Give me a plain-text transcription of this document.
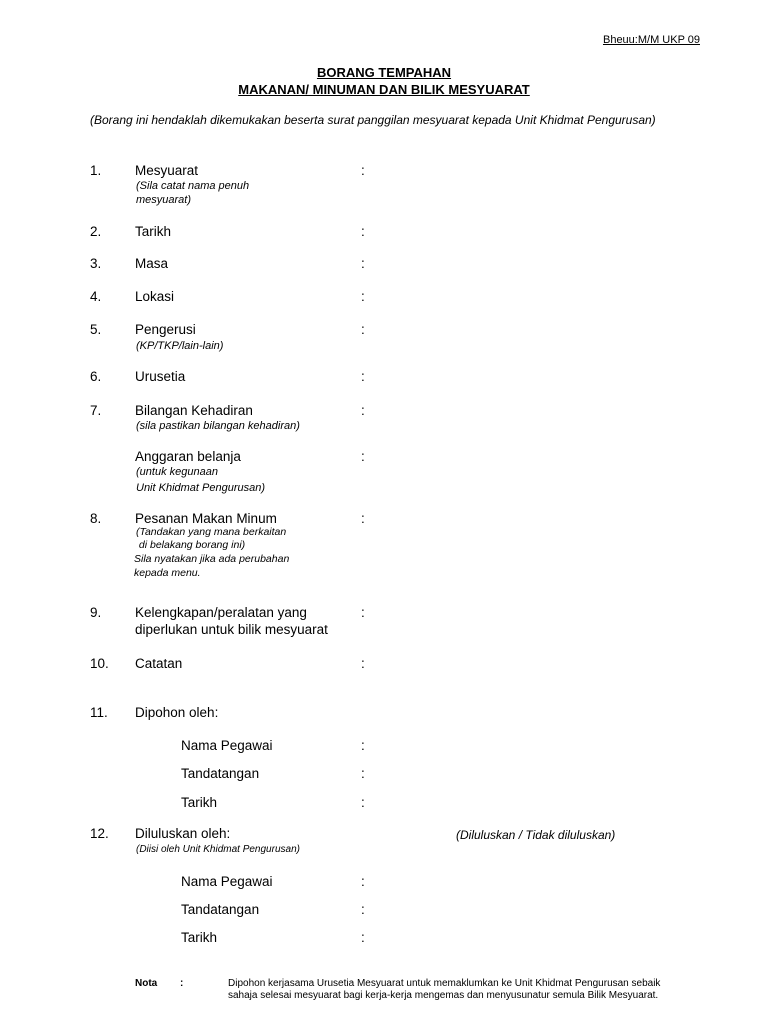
Bheuu:M/M UKP 09
BORANG TEMPAHAN
MAKANAN/ MINUMAN DAN BILIK MESYUARAT
(Borang ini hendaklah dikemukakan beserta surat panggilan mesyuarat kepada Unit Khidmat Pengurusan)
1. Mesyuarat
(Sila catat nama penuh
mesyuarat)
:
2. Tarikh	:
3. Masa	:
4. Lokasi	:
5. Pengerusi
(KP/TKP/lain-lain)
:
6. Urusetia	:
7. Bilangan Kehadiran
(sila pastikan bilangan kehadiran)
:
Anggaran belanja
(untuk kegunaan
Unit Khidmat Pengurusan)
:
8. Pesanan Makan Minum
(Tandakan yang mana berkaitan
di belakang borang ini)
Sila nyatakan jika ada perubahan
kepada menu.
:
9. Kelengkapan/peralatan yang
diperlukan untuk bilik mesyuarat
:
10. Catatan	:
11. Dipohon oleh:
Nama Pegawai	:
Tandatangan	:
Tarikh	:
12. Diluluskan oleh:
(Diisi oleh Unit Khidmat Pengurusan)
(Diluluskan / Tidak diluluskan)
Nama Pegawai	:
Tandatangan	:
Tarikh	:
Nota :	Dipohon kerjasama Urusetia Mesyuarat untuk memaklumkan ke Unit Khidmat Pengurusan sebaik
sahaja selesai mesyuarat bagi kerja-kerja mengemas dan menyusunatur semula Bilik Mesyuarat.
